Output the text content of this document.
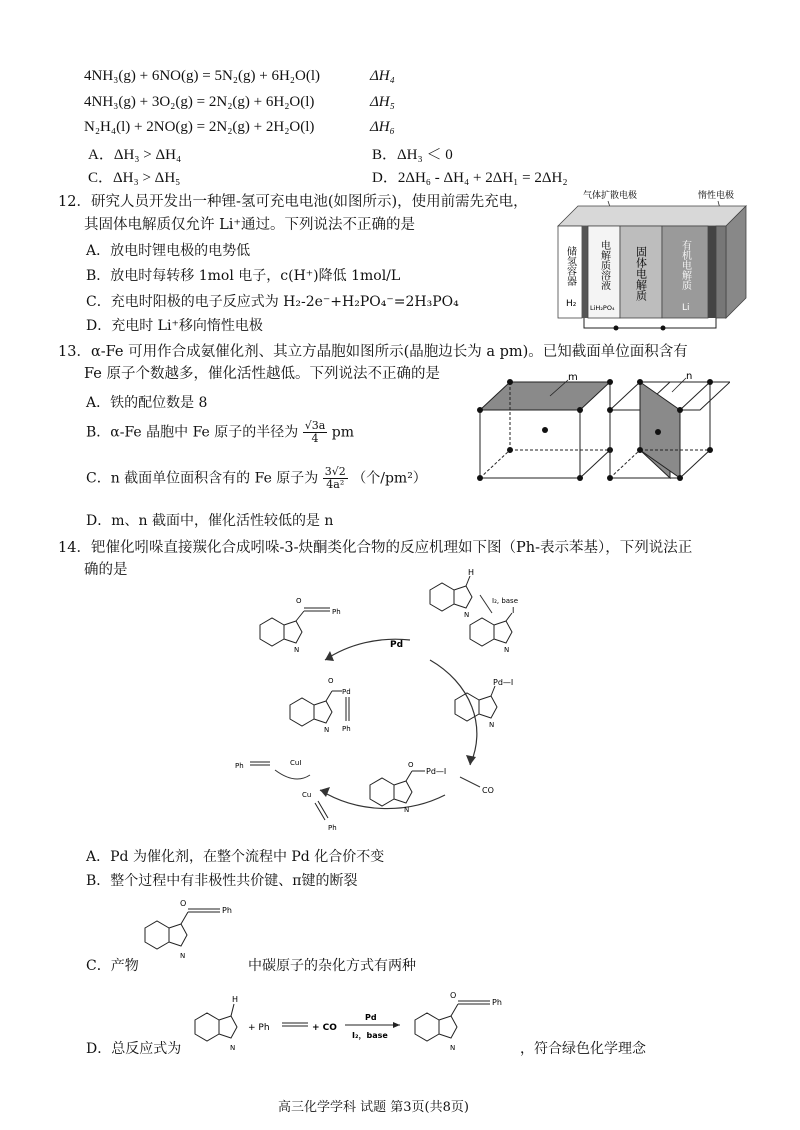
4NH₃(g) + 6NO(g) = 5N₂(g) + 6H₂O(l)	ΔH₄
4NH₃(g) + 3O₂(g) = 2N₂(g) + 6H₂O(l)	ΔH₅
N₂H₄(l) + 2NO(g) = 2N₂(g) + 2H₂O(l)	ΔH₆
A．ΔH₃ > ΔH₄	B．ΔH₃ ＜ 0
C．ΔH₃ > ΔH₅	D．2ΔH₆ - ΔH₄ + 2ΔH₁ = 2ΔH₂
12．研究人员开发出一种锂-氢可充电电池(如图所示)，使用前需先充电，
其固体电解质仅允许 Li⁺通过。下列说法不正确的是
A．放电时锂电极的电势低
B．放电时每转移 1mol 电子，c(H⁺)降低 1mol/L
C．充电时阳极的电子反应式为 H₂-2e⁻+H₂PO₄⁻=2H₃PO₄
D．充电时 Li⁺移向惰性电极
气体扩散电极	惰性电极
储氢容器
H₂
电解质溶液
LiH₂PO₄
固体电解质	有机电解质
Li
13．α-Fe 可用作合成氨催化剂、其立方晶胞如图所示(晶胞边长为 a pm)。已知截面单位面积含有
Fe 原子个数越多，催化活性越低。下列说法不正确的是
A．铁的配位数是 8
B．α-Fe 晶胞中 Fe 原子的半径为 $\frac{√3a}{4}$ pm
C．n 截面单位面积含有的 Fe 原子为 $\frac{3√2}{\text{4a²}}$ （个/pm²）
D．m、n 截面中，催化活性较低的是 n
m	n
14．钯催化吲哚直接羰化合成吲哚-3-炔酮类化合物的反应机理如下图（Ph-表示苯基），下列说法正
确的是
Pd
H
N
I₂, base
I
N
Pd—I
N
O
Pd—I
N
CO
O
Pd
Ph
N
O
Ph
N
Ph	CuI
Cu
Ph
A．Pd 为催化剂，在整个流程中 Pd 化合价不变
B．整个过程中有非极性共价键、π键的断裂
C．产物
O
Ph
N
中碳原子的杂化方式有两种
D．总反应式为
H
N
+ Ph	+ CO
Pd
I₂，base
O
Ph
N	，符合绿色化学理念
高三化学学科 试题 第3页(共8页)
